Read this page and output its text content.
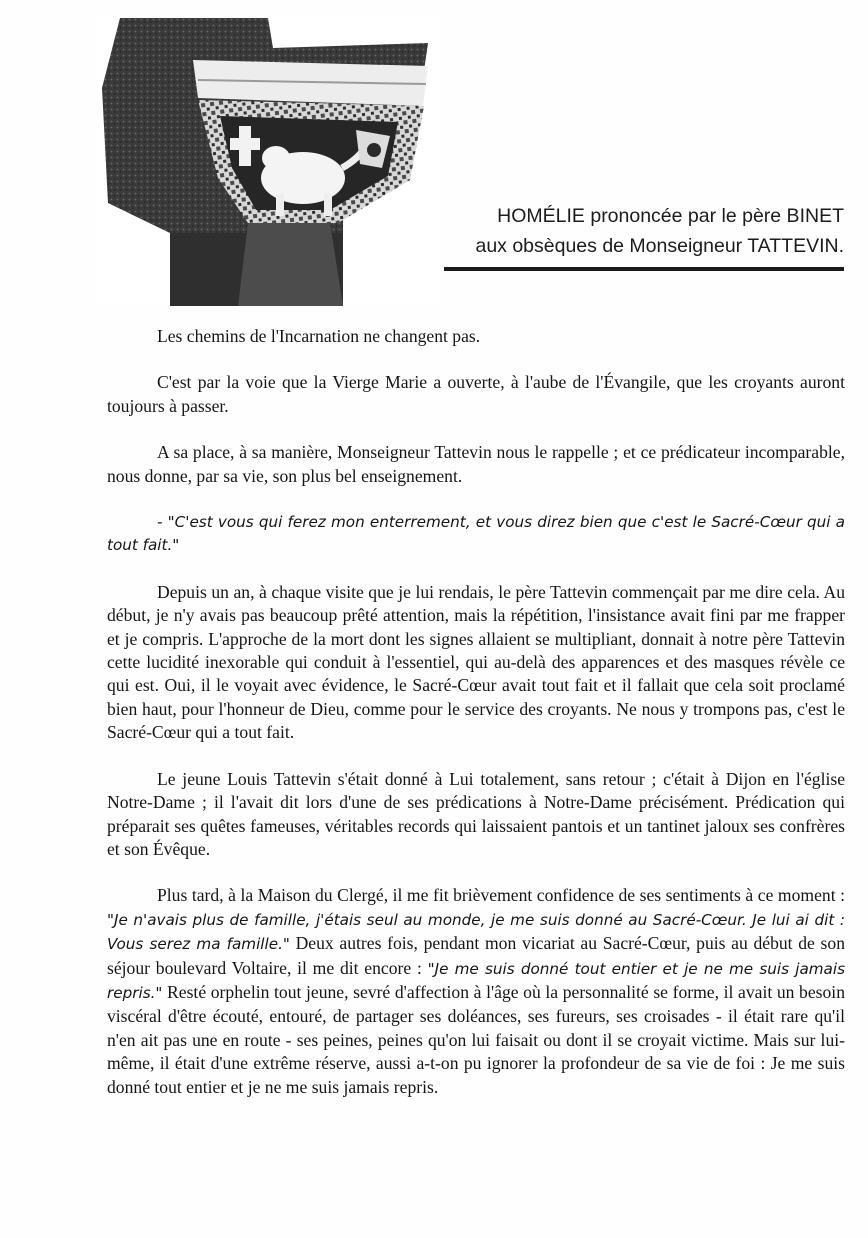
HOMÉLIE prononcée par le père BINET
aux obsèques de Monseigneur TATTEVIN.

Les chemins de l'Incarnation ne changent pas.

C'est par la voie que la Vierge Marie a ouverte, à l'aube de l'Évangile, que les croyants auront toujours à passer.

A sa place, à sa manière, Monseigneur Tattevin nous le rappelle ; et ce prédicateur incomparable, nous donne, par sa vie, son plus bel enseignement.

- "C'est vous qui ferez mon enterrement, et vous direz bien que c'est le Sacré-Cœur qui a tout fait."

Depuis un an, à chaque visite que je lui rendais, le père Tattevin commençait par me dire cela. Au début, je n'y avais pas beaucoup prêté attention, mais la répétition, l'insistance avait fini par me frapper et je compris. L'approche de la mort dont les signes allaient se multipliant, donnait à notre père Tattevin cette lucidité inexorable qui conduit à l'essentiel, qui au-delà des apparences et des masques révèle ce qui est. Oui, il le voyait avec évidence, le Sacré-Cœur avait tout fait et il fallait que cela soit proclamé bien haut, pour l'honneur de Dieu, comme pour le service des croyants. Ne nous y trompons pas, c'est le Sacré-Cœur qui a tout fait.

Le jeune Louis Tattevin s'était donné à Lui totalement, sans retour ; c'était à Dijon en l'église Notre-Dame ; il l'avait dit lors d'une de ses prédications à Notre-Dame précisément. Prédication qui préparait ses quêtes fameuses, véritables records qui laissaient pantois et un tantinet jaloux ses confrères et son Évêque.

Plus tard, à la Maison du Clergé, il me fit brièvement confidence de ses sentiments à ce moment : "Je n'avais plus de famille, j'étais seul au monde, je me suis donné au Sacré-Cœur. Je lui ai dit : Vous serez ma famille." Deux autres fois, pendant mon vicariat au Sacré-Cœur, puis au début de son séjour boulevard Voltaire, il me dit encore : "Je me suis donné tout entier et je ne me suis jamais repris." Resté orphelin tout jeune, sevré d'affection à l'âge où la personnalité se forme, il avait un besoin viscéral d'être écouté, entouré, de partager ses doléances, ses fureurs, ses croisades - il était rare qu'il n'en ait pas une en route - ses peines, peines qu'on lui faisait ou dont il se croyait victime. Mais sur lui-même, il était d'une extrême réserve, aussi a-t-on pu ignorer la profondeur de sa vie de foi : Je me suis donné tout entier et je ne me suis jamais repris.
